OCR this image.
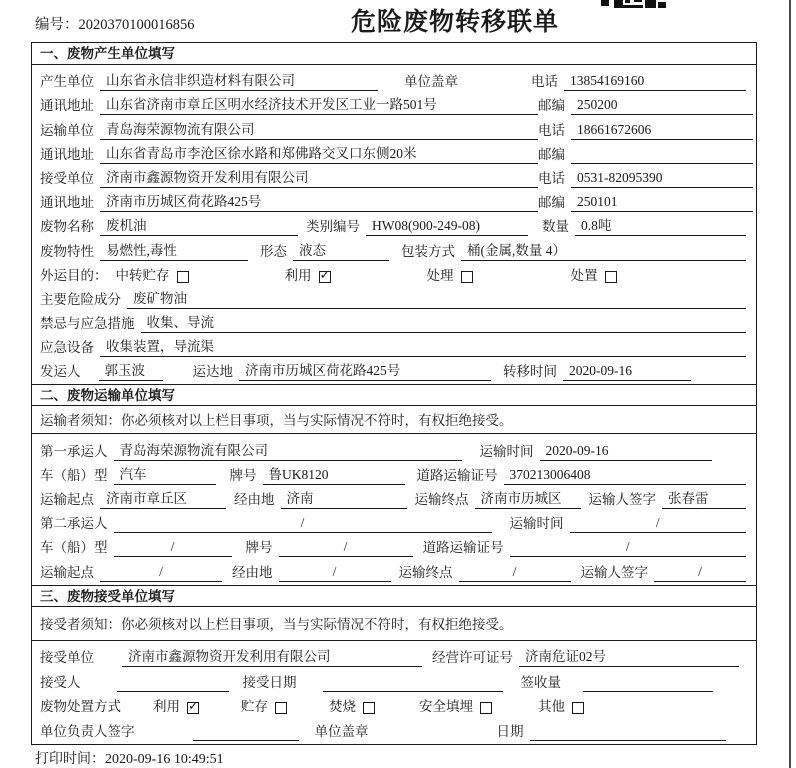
编号：2020370100016856	危险废物转移联单
一、废物产生单位填写
产生单位 山东省永信非织造材料有限公司	单位盖章	电话 13854169160
通讯地址 山东省济南市章丘区明水经济技术开发区工业一路501号	邮编 250200
运输单位 青岛海荣源物流有限公司	电话 18661672606
通讯地址 山东省青岛市李沧区徐水路和郑佛路交叉口东侧20米	邮编
接受单位 济南市鑫源物资开发利用有限公司	电话 0531-82095390
通讯地址 济南市历城区荷花路425号	邮编 250101
废物名称 废机油	类别编号 HW08(900-249-08)	数量 0.8吨
废物特性 易燃性,毒性	形态 液态	包装方式 桶(金属,数量 4）
外运目的： 中转贮存	利用 ✓	处理	处置
主要危险成分 废矿物油
禁忌与应急措施 收集、导流
应急设备 收集装置，导流渠
发运人	郭玉波	运达地 济南市历城区荷花路425号	转移时间 2020-09-16
二、废物运输单位填写
运输者须知：你必须核对以上栏目事项，当与实际情况不符时，有权拒绝接受。
第一承运人 青岛海荣源物流有限公司	运输时间 2020-09-16
车（船）型 汽车	牌号 鲁UK8120	道路运输证号 370213006408
运输起点 济南市章丘区	经由地 济南	运输终点 济南市历城区	运输人签字 张春雷
第二承运人	/	运输时间	/
车（船）型	/	牌号	/	道路运输证号	/
运输起点	/	经由地	/	运输终点	/	运输人签字	/
三、废物接受单位填写
接受者须知：你必须核对以上栏目事项，当与实际情况不符时，有权拒绝接受。
接受单位	济南市鑫源物资开发利用有限公司	经营许可证号 济南危证02号
接受人	接受日期	签收量
废物处置方式 利用 ✓	贮存	焚烧	安全填埋	其他
单位负责人签字	单位盖章	日期
打印时间：2020-09-16 10:49:51
